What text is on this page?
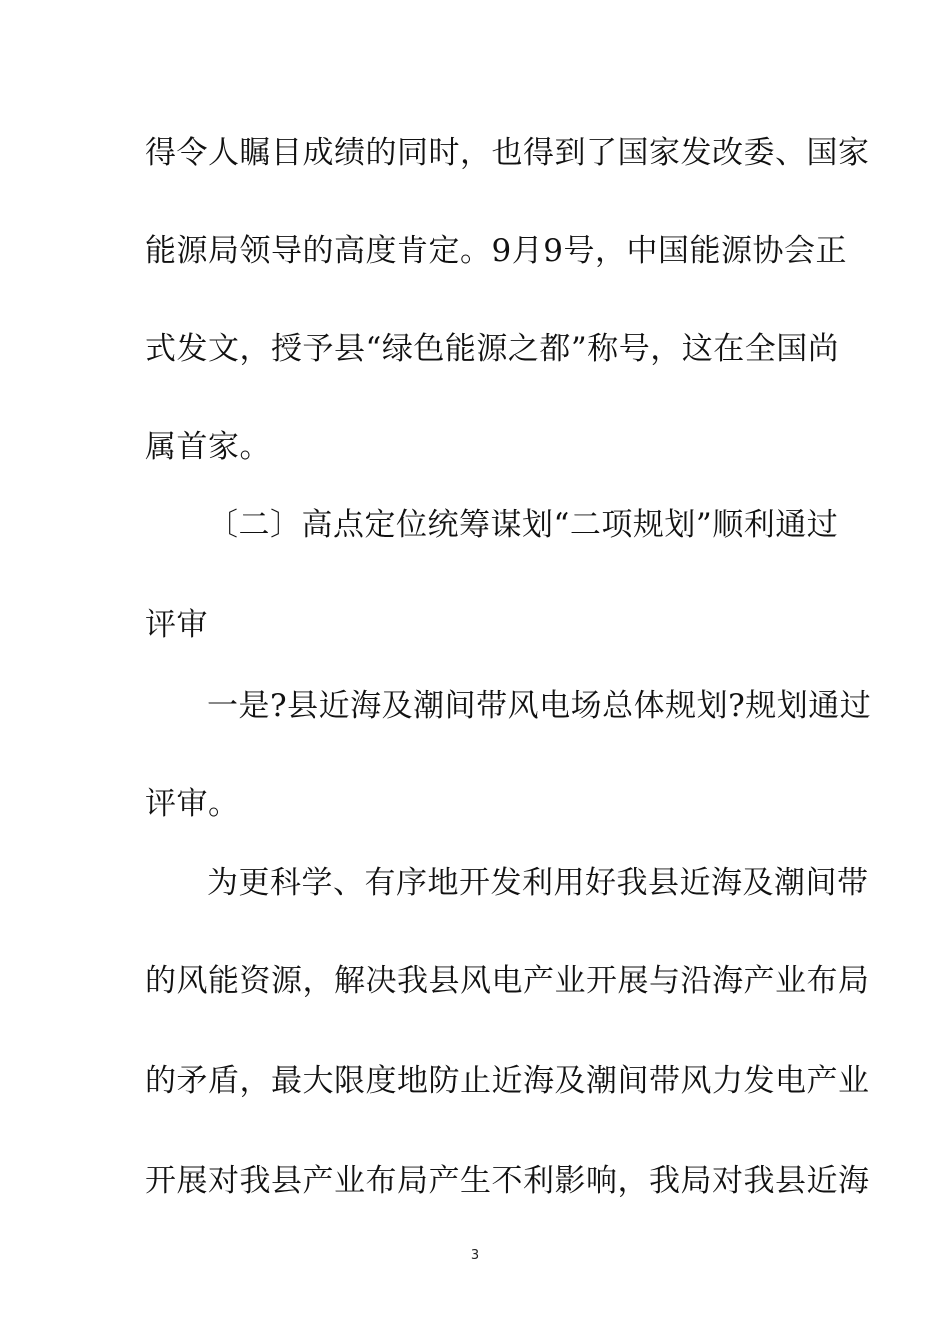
得令人瞩目成绩的同时，也得到了国家发改委、国家
能源局领导的高度肯定。9月9号，中国能源协会正
式发文，授予县“绿色能源之都”称号，这在全国尚
属首家。
〔二〕高点定位统筹谋划“二项规划”顺利通过
评审
一是?县近海及潮间带风电场总体规划?规划通过
评审。
为更科学、有序地开发利用好我县近海及潮间带
的风能资源，解决我县风电产业开展与沿海产业布局
的矛盾，最大限度地防止近海及潮间带风力发电产业
开展对我县产业布局产生不利影响，我局对我县近海
3
